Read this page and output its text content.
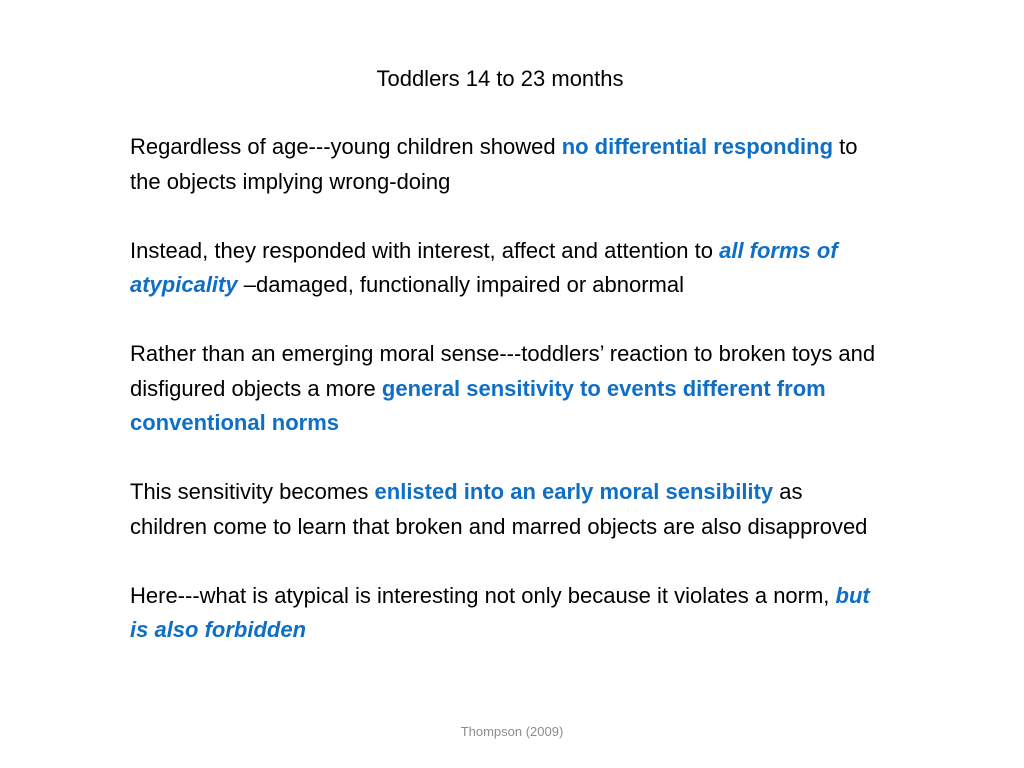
Toddlers 14 to 23 months

Regardless of age---young children showed no differential responding to the objects implying wrong-doing

Instead, they responded with interest, affect and attention to all forms of atypicality –damaged, functionally impaired or abnormal

Rather than an emerging moral sense---toddlers’ reaction to broken toys and disfigured objects a more general sensitivity to events different from conventional norms

This sensitivity becomes enlisted into an early moral sensibility as children come to learn that broken and marred objects are also disapproved

Here---what is atypical is interesting not only because it violates a norm, but is also forbidden

Thompson (2009)
